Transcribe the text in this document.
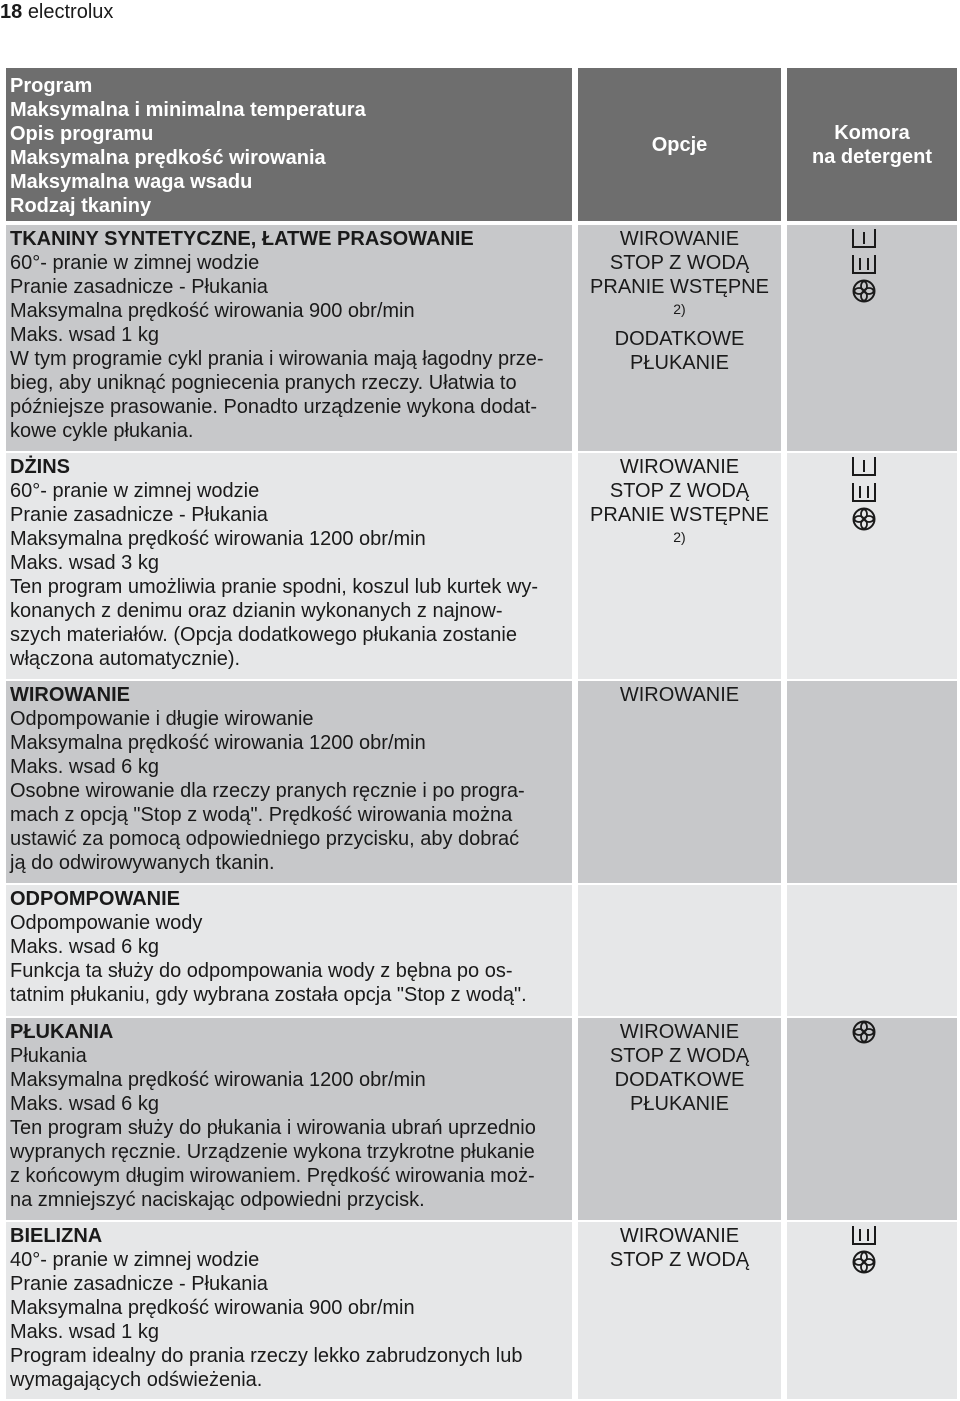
18 electrolux
Program
Maksymalna i minimalna temperatura
Opis programu
Maksymalna prędkość wirowania
Maksymalna waga wsadu
Rodzaj tkaniny
Opcje
Komora
na detergent
TKANINY SYNTETYCZNE, ŁATWE PRASOWANIE
60°- pranie w zimnej wodzie
Pranie zasadnicze - Płukania
Maksymalna prędkość wirowania 900 obr/min
Maks. wsad 1 kg
W tym programie cykl prania i wirowania mają łagodny prze-
bieg, aby uniknąć pogniecenia pranych rzeczy. Ułatwia to
późniejsze prasowanie. Ponadto urządzenie wykona dodat-
kowe cykle płukania.
WIROWANIE
STOP Z WODĄ
PRANIE WSTĘPNE
2)
DODATKOWE
PŁUKANIE
DŻINS
60°- pranie w zimnej wodzie
Pranie zasadnicze - Płukania
Maksymalna prędkość wirowania 1200 obr/min
Maks. wsad 3 kg
Ten program umożliwia pranie spodni, koszul lub kurtek wy-
konanych z denimu oraz dzianin wykonanych z najnow-
szych materiałów. (Opcja dodatkowego płukania zostanie
włączona automatycznie).
WIROWANIE
STOP Z WODĄ
PRANIE WSTĘPNE
2)
WIROWANIE
Odpompowanie i długie wirowanie
Maksymalna prędkość wirowania 1200 obr/min
Maks. wsad 6 kg
Osobne wirowanie dla rzeczy pranych ręcznie i po progra-
mach z opcją "Stop z wodą". Prędkość wirowania można
ustawić za pomocą odpowiedniego przycisku, aby dobrać
ją do odwirowywanych tkanin.
WIROWANIE
ODPOMPOWANIE
Odpompowanie wody
Maks. wsad 6 kg
Funkcja ta służy do odpompowania wody z bębna po os-
tatnim płukaniu, gdy wybrana została opcja "Stop z wodą".
PŁUKANIA
Płukania
Maksymalna prędkość wirowania 1200 obr/min
Maks. wsad 6 kg
Ten program służy do płukania i wirowania ubrań uprzednio
wypranych ręcznie. Urządzenie wykona trzykrotne płukanie
z końcowym długim wirowaniem. Prędkość wirowania moż-
na zmniejszyć naciskając odpowiedni przycisk.
WIROWANIE
STOP Z WODĄ
DODATKOWE
PŁUKANIE
BIELIZNA
40°- pranie w zimnej wodzie
Pranie zasadnicze - Płukania
Maksymalna prędkość wirowania 900 obr/min
Maks. wsad 1 kg
Program idealny do prania rzeczy lekko zabrudzonych lub
wymagających odświeżenia.
WIROWANIE
STOP Z WODĄ
